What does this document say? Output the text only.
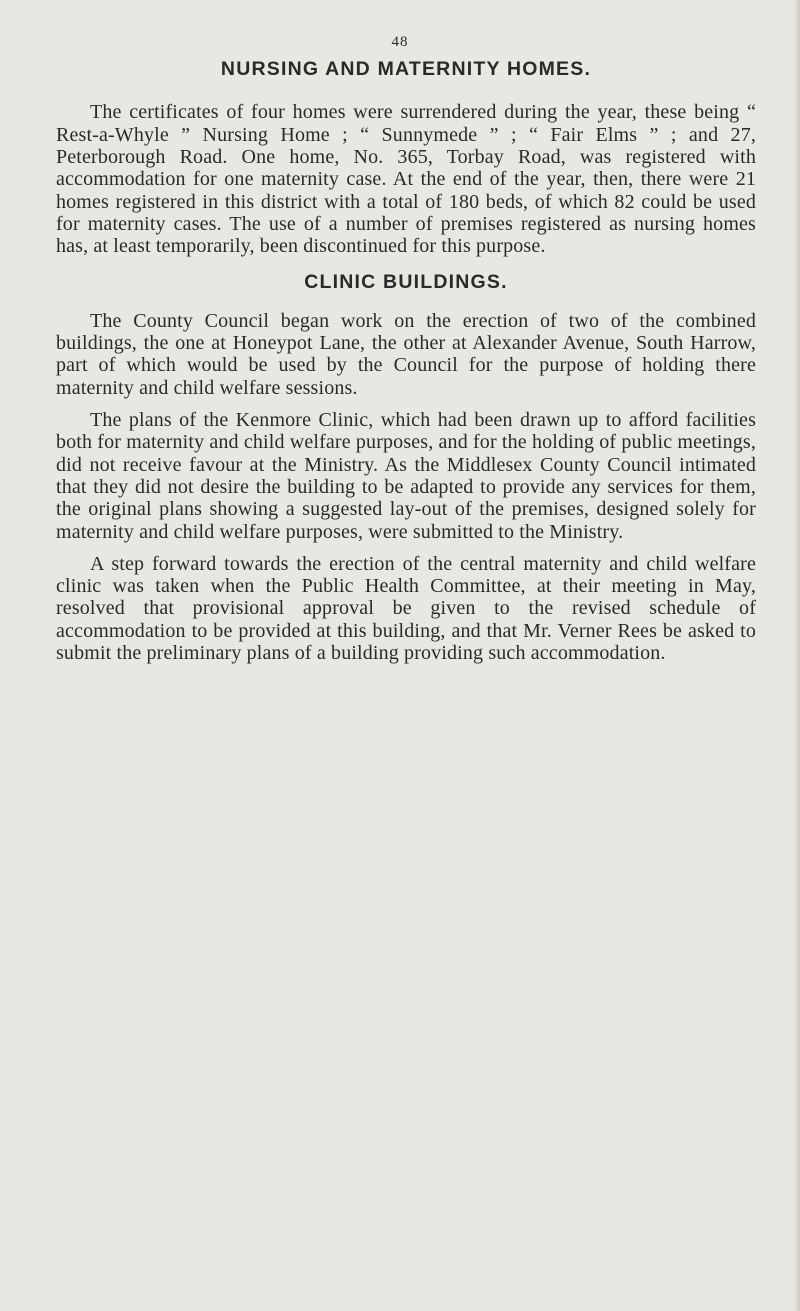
48
NURSING AND MATERNITY HOMES.

The certificates of four homes were surrendered during the year, these being “ Rest-a-Whyle ” Nursing Home ; “ Sunnymede ” ; “ Fair Elms ” ; and 27, Peterborough Road. One home, No. 365, Torbay Road, was registered with accommodation for one maternity case. At the end of the year, then, there were 21 homes registered in this district with a total of 180 beds, of which 82 could be used for maternity cases. The use of a number of premises registered as nursing homes has, at least temporarily, been discontinued for this purpose.

CLINIC BUILDINGS.

The County Council began work on the erection of two of the combined buildings, the one at Honeypot Lane, the other at Alexander Avenue, South Harrow, part of which would be used by the Council for the purpose of holding there maternity and child welfare sessions.

The plans of the Kenmore Clinic, which had been drawn up to afford facilities both for maternity and child welfare purposes, and for the holding of public meetings, did not receive favour at the Ministry. As the Middlesex County Council intimated that they did not desire the building to be adapted to provide any services for them, the original plans showing a suggested lay-out of the premises, designed solely for maternity and child welfare purposes, were submitted to the Ministry.

A step forward towards the erection of the central maternity and child welfare clinic was taken when the Public Health Committee, at their meeting in May, resolved that provisional approval be given to the revised schedule of accommodation to be provided at this building, and that Mr. Verner Rees be asked to submit the preliminary plans of a building providing such accommodation.
